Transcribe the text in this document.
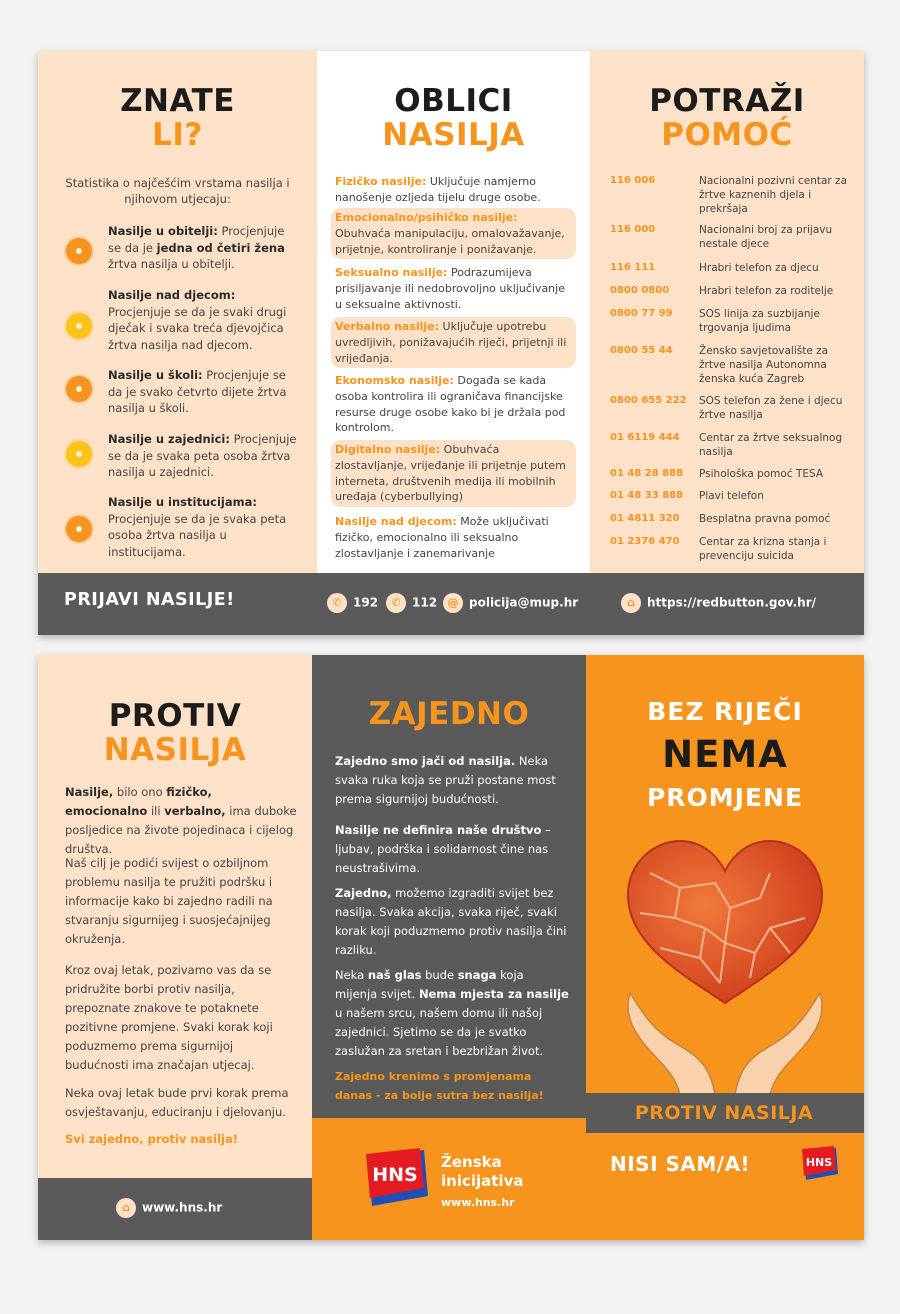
ZNATE
LI?
Statistika o najčešćim vrstama nasilja i njihovom utjecaju:
Nasilje u obitelji: Procjenjuje se da je jedna od četiri žena žrtva nasilja u obitelji.
Nasilje nad djecom: Procjenjuje se da je svaki drugi dječak i svaka treća djevojčica žrtva nasilja nad djecom.
Nasilje u školi: Procjenjuje se da je svako četvrto dijete žrtva nasilja u školi.
Nasilje u zajednici: Procjenjuje se da je svaka peta osoba žrtva nasilja u zajednici.
Nasilje u institucijama: Procjenjuje se da je svaka peta osoba žrtva nasilja u institucijama.
OBLICI
NASILJA
Fizičko nasilje: Uključuje namjerno nanošenje ozljeda tijelu druge osobe.
Emocionalno/psihičko nasilje: Obuhvaća manipulaciju, omalovažavanje, prijetnje, kontroliranje i ponižavanje.
Seksualno nasilje: Podrazumijeva prisiljavanje ili nedobrovoljno uključivanje u seksualne aktivnosti.
Verbalno nasilje: Uključuje upotrebu uvredljivih, ponižavajućih riječi, prijetnji ili vrijeđanja.
Ekonomsko nasilje: Događa se kada osoba kontrolira ili ograničava financijske resurse druge osobe kako bi je držala pod kontrolom.
Digitalno nasilje: Obuhvaća zlostavljanje, vrijeđanje ili prijetnje putem interneta, društvenih medija ili mobilnih uređaja (cyberbullying)
Nasilje nad djecom: Može uključivati fizičko, emocionalno ili seksualno zlostavljanje i zanemarivanje
POTRAŽI
POMOĆ
116 006	Nacionalni pozivni centar za žrtve kaznenih djela i prekršaja
116 000	Nacionalni broj za prijavu nestale djece
116 111	Hrabri telefon za djecu
0800 0800	Hrabri telefon za roditelje
0800 77 99	SOS linija za suzbijanje trgovanja ljudima
0800 55 44	Žensko savjetovalište za žrtve nasilja Autonomna ženska kuća Zagreb
0800 655 222	SOS telefon za žene i djecu žrtve nasilja
01 6119 444	Centar za žrtve seksualnog nasilja
01 48 28 888	Psihološka pomoć TESA
01 48 33 888	Plavi telefon
01 4811 320	Besplatna pravna pomoć
01 2376 470	Centar za krizna stanja i prevenciju suicida
PRIJAVI NASILJE!	✆ 192	✆ 112 @ policija@mup.hr	⌂ https://redbutton.gov.hr/
PROTIV
NASILJA
Nasilje, bilo ono fizičko, emocionalno ili verbalno, ima duboke posljedice na živote pojedinaca i cijelog društva.
Naš cilj je podići svijest o ozbiljnom problemu nasilja te pružiti podršku i informacije kako bi zajedno radili na stvaranju sigurnijeg i suosjećajnijeg okruženja.
Kroz ovaj letak, pozivamo vas da se pridružite borbi protiv nasilja, prepoznate znakove te potaknete pozitivne promjene. Svaki korak koji poduzmemo prema sigurnijoj budućnosti ima značajan utjecaj.
Neka ovaj letak bude prvi korak prema osvještavanju, educiranju i djelovanju.
Svi zajedno, protiv nasilja!
⌂ www.hns.hr
ZAJEDNO
Zajedno smo jači od nasilja. Neka svaka ruka koja se pruži postane most prema sigurnijoj budućnosti.
Nasilje ne definira naše društvo – ljubav, podrška i solidarnost čine nas neustrašivima.
Zajedno, možemo izgraditi svijet bez nasilja. Svaka akcija, svaka riječ, svaki korak koji poduzmemo protiv nasilja čini razliku.
Neka naš glas bude snaga koja mijenja svijet. Nema mjesta za nasilje u našem srcu, našem domu ili našoj zajednici. Sjetimo se da je svatko zaslužan za sretan i bezbrižan život.
Zajedno krenimo s promjenama danas - za bolje sutra bez nasilja!
HNS
Ženska
inicijativa
www.hns.hr
BEZ RIJEČI
NEMA
PROMJENE
PROTIV NASILJA
NISI SAM/A!	HNS
